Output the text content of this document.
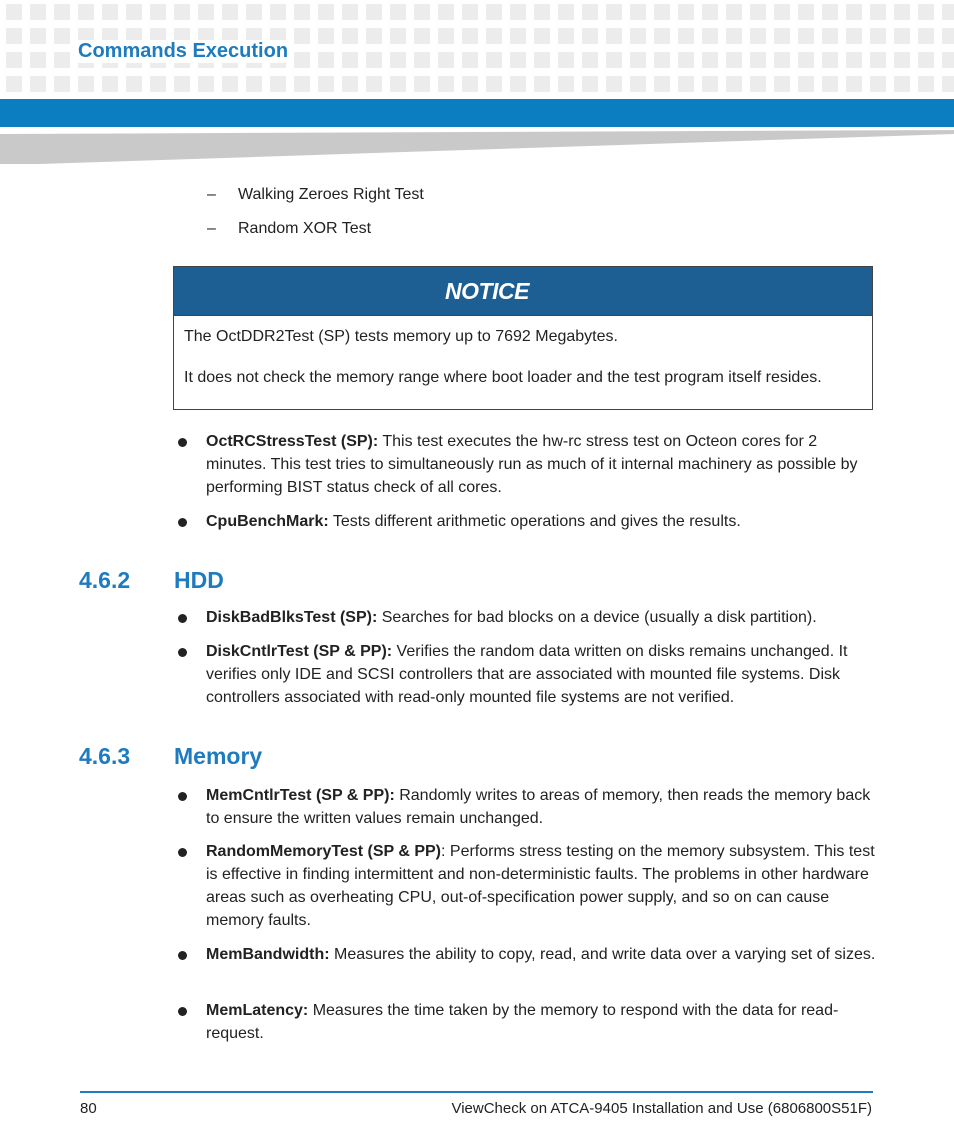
Commands Execution
– Walking Zeroes Right Test
– Random XOR Test
NOTICE

The OctDDR2Test (SP) tests memory up to 7692 Megabytes.

It does not check the memory range where boot loader and the test program itself resides.

OctRCStressTest (SP): This test executes the hw-rc stress test on Octeon cores for 2 minutes. This test tries to simultaneously run as much of it internal machinery as possible by performing BIST status check of all cores.
CpuBenchMark: Tests different arithmetic operations and gives the results.
4.6.2 HDD
DiskBadBlksTest (SP): Searches for bad blocks on a device (usually a disk partition).
DiskCntlrTest (SP & PP): Verifies the random data written on disks remains unchanged. It verifies only IDE and SCSI controllers that are associated with mounted file systems. Disk controllers associated with read-only mounted file systems are not verified.
4.6.3 Memory
MemCntlrTest (SP & PP): Randomly writes to areas of memory, then reads the memory back to ensure the written values remain unchanged.
RandomMemoryTest (SP & PP): Performs stress testing on the memory subsystem. This test is effective in finding intermittent and non-deterministic faults. The problems in other hardware areas such as overheating CPU, out-of-specification power supply, and so on can cause memory faults.
MemBandwidth: Measures the ability to copy, read, and write data over a varying set of sizes.
MemLatency: Measures the time taken by the memory to respond with the data for read-request.
80	ViewCheck on ATCA-9405 Installation and Use (6806800S51F)
